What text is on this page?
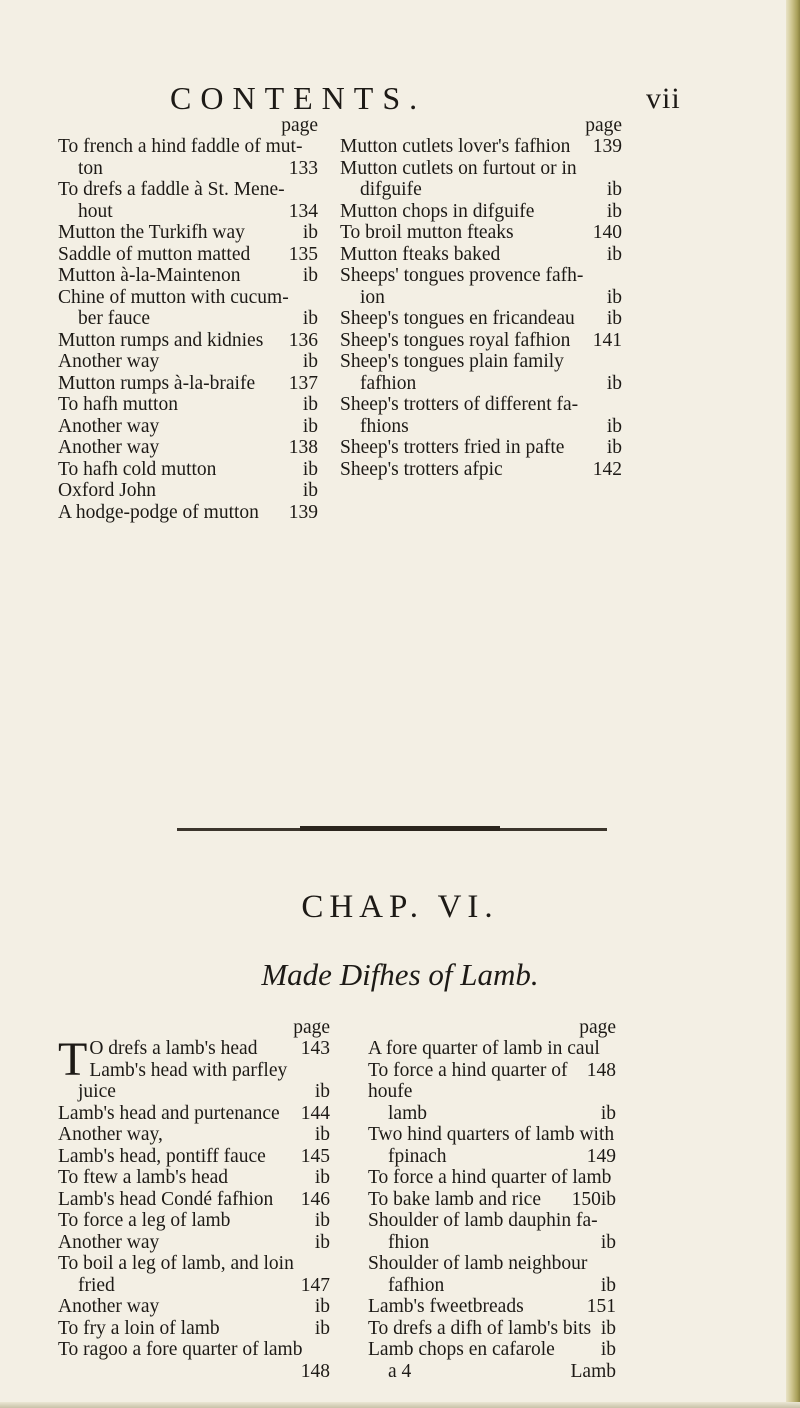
CONTENTS.	vii
page
To french a hind faddle of mut-
ton	133
To drefs a faddle à St. Mene-
hout	134
Mutton the Turkifh way	ib
Saddle of mutton matted 135
Mutton à-la-Maintenon	ib
Chine of mutton with cucum-
ber fauce	ib
Mutton rumps and kidnies 136
Another way	ib
Mutton rumps à-la-braife 137
To hafh mutton	ib
Another way	ib
Another way	138
To hafh cold mutton	ib
Oxford John	ib
A hodge-podge of mutton 139
page
Mutton cutlets lover's fafhion 139
Mutton cutlets on furtout or in
difguife	ib
Mutton chops in difguife	ib
To broil mutton fteaks	140
Mutton fteaks baked	ib
Sheeps' tongues provence fafh-
ion	ib
Sheep's tongues en fricandeau ib
Sheep's tongues royal fafhion 141
Sheep's tongues plain family
fafhion	ib
Sheep's trotters of different fa-
fhions	ib
Sheep's trotters fried in pafte ib
Sheep's trotters afpic	142
CHAP. VI.
Made Difhes of Lamb.
page
T O drefs a lamb's head 143
Lamb's head with parfley
juice	ib
Lamb's head and purtenance 144
Another way,	ib
Lamb's head, pontiff fauce 145
To ftew a lamb's head	ib
Lamb's head Condé fafhion 146
To force a leg of lamb	ib
Another way	ib
To boil a leg of lamb, and loin
fried	147
Another way	ib
To fry a loin of lamb	ib
To ragoo a fore quarter of lamb
148
page
A fore quarter of lamb in caul
148
To force a hind quarter of houfe
lamb	ib
Two hind quarters of lamb with
fpinach	149
To force a hind quarter of lamb
ib
To bake lamb and rice 150
Shoulder of lamb dauphin fa-
fhion	ib
Shoulder of lamb neighbour
fafhion	ib
Lamb's fweetbreads	151
To drefs a difh of lamb's bits ib
Lamb chops en cafarole ib
a 4	Lamb
